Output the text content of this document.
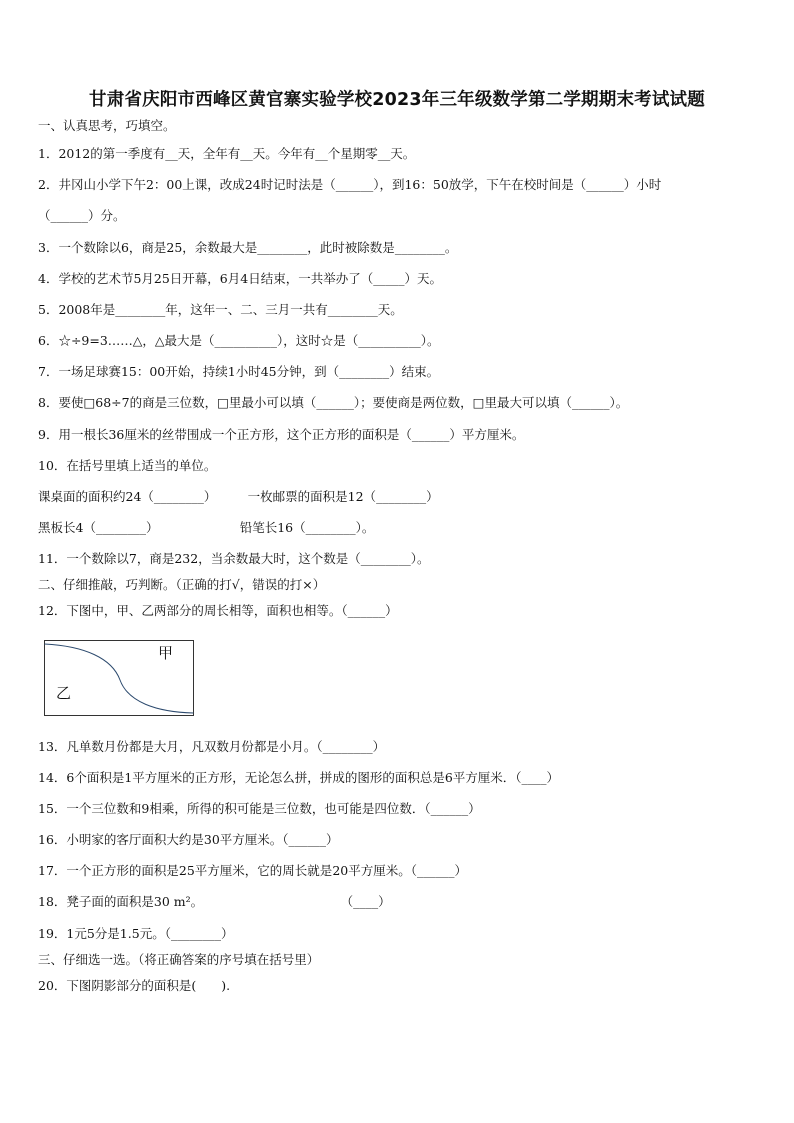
甘肃省庆阳市西峰区黄官寨实验学校2023年三年级数学第二学期期末考试试题
一、认真思考，巧填空。
1．2012的第一季度有__天，全年有__天。今年有__个星期零__天。
2．井冈山小学下午2：00上课，改成24时记时法是（______），到16：50放学，下午在校时间是（______）小时
（______）分。
3．一个数除以6，商是25，余数最大是________，此时被除数是________。
4．学校的艺术节5月25日开幕，6月4日结束，一共举办了（_____）天。
5．2008年是________年，这年一、二、三月一共有________天。
6．☆÷9=3……△，△最大是（__________），这时☆是（__________）。
7．一场足球赛15：00开始，持续1小时45分钟，到（________）结束。
8．要使□68÷7的商是三位数，□里最小可以填（______）；要使商是两位数，□里最大可以填（______）。
9．用一根长36厘米的丝带围成一个正方形，这个正方形的面积是（______）平方厘米。
10．在括号里填上适当的单位。
课桌面的面积约24（________）　　　一枚邮票的面积是12（________）
黑板长4（________）　　　　　　　铅笔长16（________）。
11．一个数除以7，商是232，当余数最大时，这个数是（________）。
二、仔细推敲，巧判断。（正确的打√，错误的打×）
12．下图中，甲、乙两部分的周长相等，面积也相等。（______）
甲
乙
13．凡单数月份都是大月，凡双数月份都是小月。（________）
14．6个面积是1平方厘米的正方形，无论怎么拼，拼成的图形的面积总是6平方厘米．（____）
15．一个三位数和9相乘，所得的积可能是三位数，也可能是四位数．（______）
16．小明家的客厅面积大约是30平方厘米。（______）
17．一个正方形的面积是25平方厘米，它的周长就是20平方厘米。（______）
18．凳子面的面积是30 m²。　　　　　　　　　　　　（____）
19．1元5分是1.5元。（________）
三、仔细选一选。（将正确答案的序号填在括号里）
20．下图阴影部分的面积是(　　).
